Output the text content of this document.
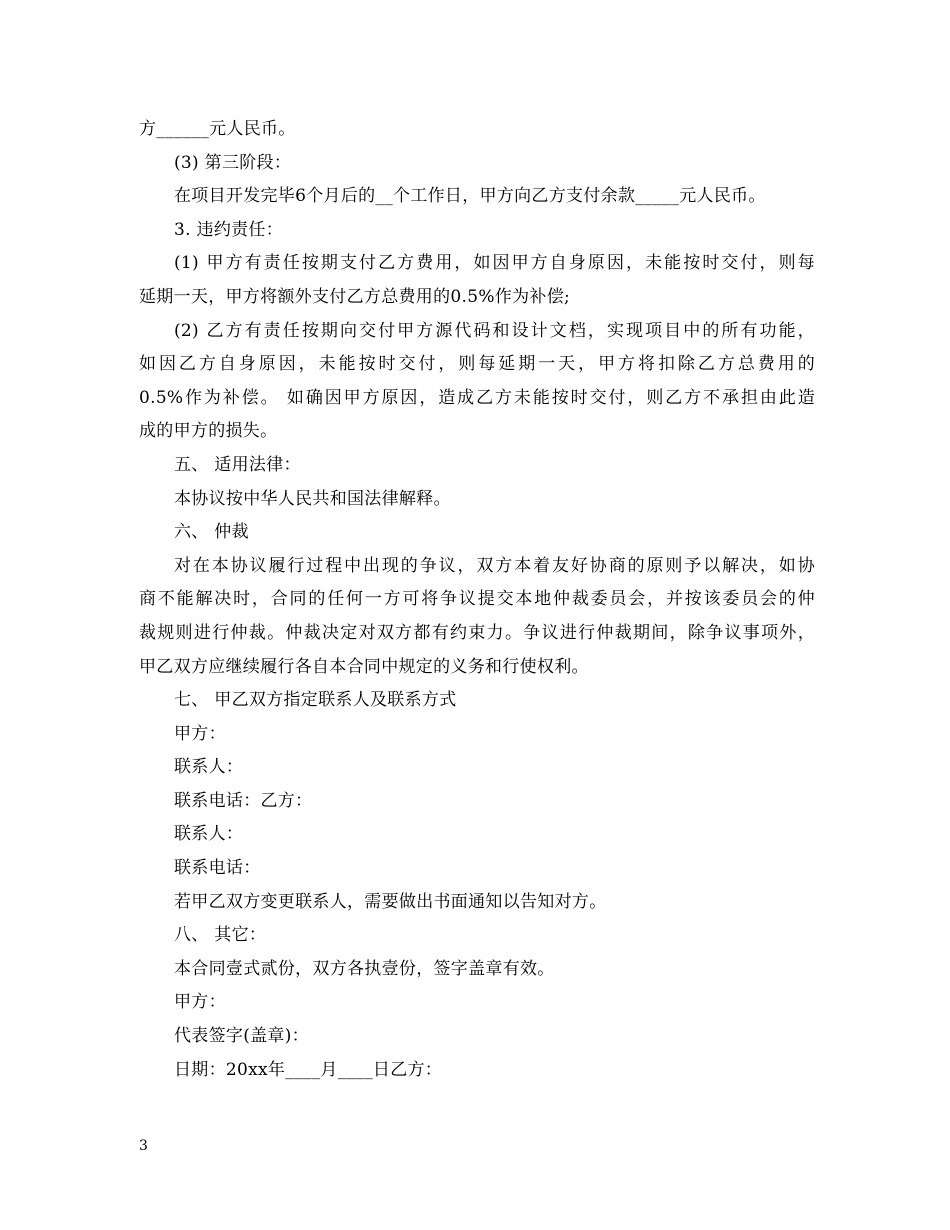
方______元人民币。
(3) 第三阶段：
在项目开发完毕6个月后的__个工作日，甲方向乙方支付余款_____元人民币。
3. 违约责任：
(1) 甲方有责任按期支付乙方费用，如因甲方自身原因，未能按时交付，则每
延期一天，甲方将额外支付乙方总费用的0.5%作为补偿;
(2) 乙方有责任按期向交付甲方源代码和设计文档，实现项目中的所有功能，
如因乙方自身原因，未能按时交付，则每延期一天，甲方将扣除乙方总费用的
0.5%作为补偿。 如确因甲方原因，造成乙方未能按时交付，则乙方不承担由此造
成的甲方的损失。
五、 适用法律：
本协议按中华人民共和国法律解释。
六、 仲裁
对在本协议履行过程中出现的争议，双方本着友好协商的原则予以解决，如协
商不能解决时，合同的任何一方可将争议提交本地仲裁委员会，并按该委员会的仲
裁规则进行仲裁。仲裁决定对双方都有约束力。争议进行仲裁期间，除争议事项外，
甲乙双方应继续履行各自本合同中规定的义务和行使权利。
七、 甲乙双方指定联系人及联系方式
甲方：
联系人：
联系电话：乙方：
联系人：
联系电话：
若甲乙双方变更联系人，需要做出书面通知以告知对方。
八、 其它：
本合同壹式贰份，双方各执壹份，签字盖章有效。
甲方：
代表签字(盖章)：
日期：20xx年____月____日乙方：
3
